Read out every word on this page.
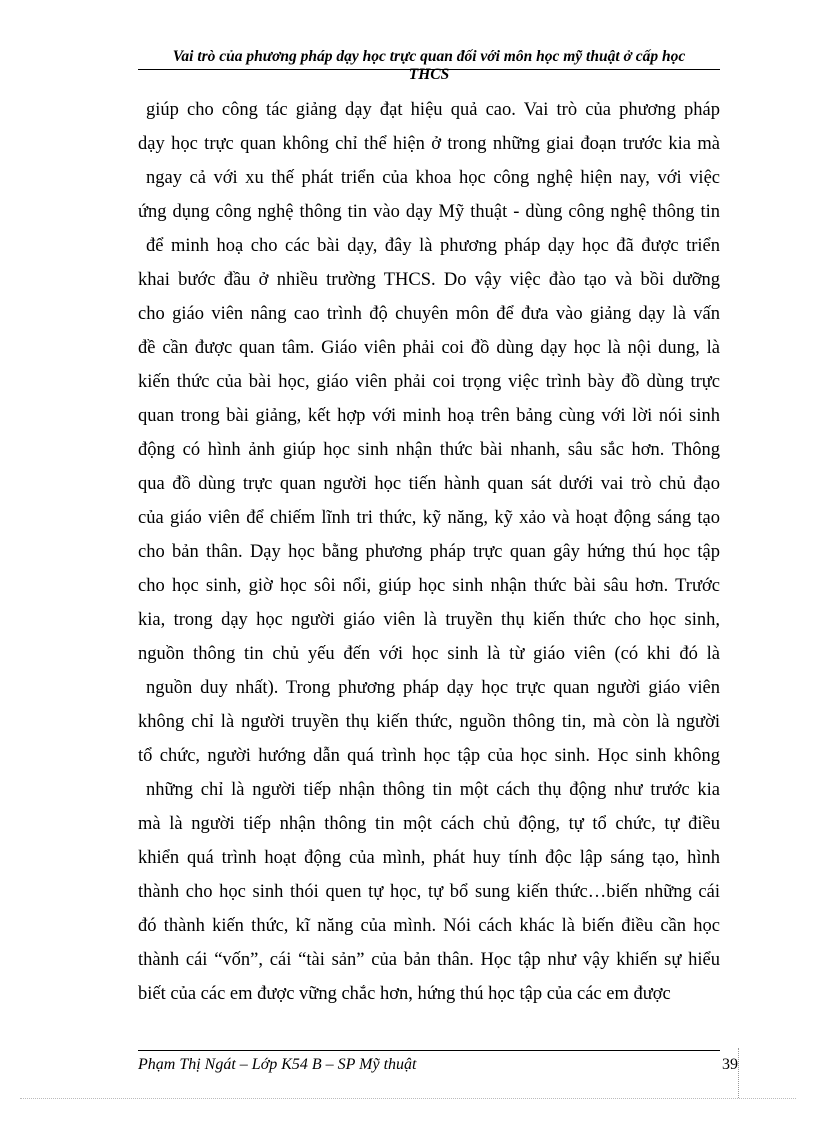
Vai trò của phương pháp dạy học trực quan đối với môn học mỹ thuật ở cấp học
THCS
giúp cho công tác giảng dạy đạt hiệu quả cao. Vai trò của phương pháp
dạy học trực quan không chỉ thể hiện ở trong những giai đoạn trước kia mà
ngay cả với xu thế phát triển của khoa học công nghệ hiện nay, với việc
ứng dụng công nghệ thông tin vào dạy Mỹ thuật - dùng công nghệ thông tin
để minh hoạ cho các bài dạy, đây là phương pháp dạy học đã được triển
khai bước đầu ở nhiều trường THCS. Do vậy việc đào tạo và bồi dưỡng
cho giáo viên nâng cao trình độ chuyên môn để đưa vào giảng dạy là vấn
đề cần được quan tâm. Giáo viên phải coi đồ dùng dạy học là nội dung, là
kiến thức của bài học, giáo viên phải coi trọng việc trình bày đồ dùng trực
quan trong bài giảng, kết hợp với minh hoạ trên bảng cùng với lời nói sinh
động có hình ảnh giúp học sinh nhận thức bài nhanh, sâu sắc hơn. Thông
qua đồ dùng trực quan người học tiến hành quan sát dưới vai trò chủ đạo
của giáo viên để chiếm lĩnh tri thức, kỹ năng, kỹ xảo và hoạt động sáng tạo
cho bản thân. Dạy học bằng phương pháp trực quan gây hứng thú học tập
cho học sinh, giờ học sôi nổi, giúp học sinh nhận thức bài sâu hơn. Trước
kia, trong dạy học người giáo viên là truyền thụ kiến thức cho học sinh,
nguồn thông tin chủ yếu đến với học sinh là từ giáo viên (có khi đó là
nguồn duy nhất). Trong phương pháp dạy học trực quan người giáo viên
không chỉ là người truyền thụ kiến thức, nguồn thông tin, mà còn là người
tổ chức, người hướng dẫn quá trình học tập của học sinh. Học sinh không
những chỉ là người tiếp nhận thông tin một cách thụ động như trước kia
mà là người tiếp nhận thông tin một cách chủ động, tự tổ chức, tự điều
khiển quá trình hoạt động của mình, phát huy tính độc lập sáng tạo, hình
thành cho học sinh thói quen tự học, tự bổ sung kiến thức…biến những cái
đó thành kiến thức, kĩ năng của mình. Nói cách khác là biến điều cần học
thành cái “vốn”, cái “tài sản” của bản thân. Học tập như vậy khiến sự hiểu
biết của các em được vững chắc hơn, hứng thú học tập của các em được
Phạm Thị Ngát – Lớp K54 B – SP Mỹ thuật	39
